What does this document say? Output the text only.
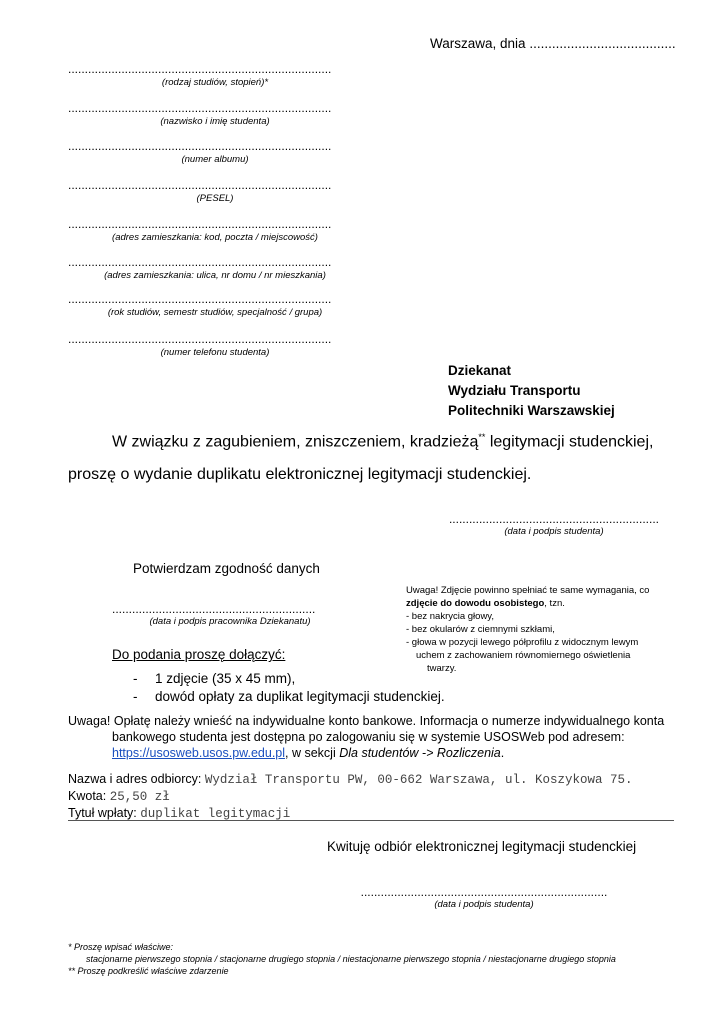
Warszawa, dnia .......................................
...............................................................................
(rodzaj studiów, stopień)*
...............................................................................
(nazwisko i imię studenta)
...............................................................................
(numer albumu)
...............................................................................
(PESEL)
...............................................................................
(adres zamieszkania: kod, poczta / miejscowość)
...............................................................................
(adres zamieszkania: ulica, nr domu / nr mieszkania)
...............................................................................
(rok studiów, semestr studiów, specjalność / grupa)
...............................................................................
(numer telefonu studenta)
Dziekanat
Wydziału Transportu
Politechniki Warszawskiej
W związku z zagubieniem, zniszczeniem, kradzieżą** legitymacji studenckiej,
proszę o wydanie duplikatu elektronicznej legitymacji studenckiej.
...............................................................
(data i podpis studenta)
Potwierdzam zgodność danych
.............................................................
(data i podpis pracownika Dziekanatu)
Uwaga! Zdjęcie powinno spełniać te same wymagania, co
zdjęcie do dowodu osobistego, tzn.
- bez nakrycia głowy,
- bez okularów z ciemnymi szkłami,
- głowa w pozycji lewego półprofilu z widocznym lewym
uchem z zachowaniem równomiernego oświetlenia
twarzy.
Do podania proszę dołączyć:
- 1 zdjęcie (35 x 45 mm),
- dowód opłaty za duplikat legitymacji studenckiej.
Uwaga! Opłatę należy wnieść na indywidualne konto bankowe. Informacja o numerze indywidualnego konta
bankowego studenta jest dostępna po zalogowaniu się w systemie USOSWeb pod adresem:
https://usosweb.usos.pw.edu.pl, w sekcji Dla studentów -> Rozliczenia.
Nazwa i adres odbiorcy: Wydział Transportu PW, 00-662 Warszawa, ul. Koszykowa 75.
Kwota: 25,50 zł
Tytuł wpłaty: duplikat legitymacji
Kwituję odbiór elektronicznej legitymacji studenckiej
..........................................................................
(data i podpis studenta)
* Proszę wpisać właściwe:
stacjonarne pierwszego stopnia / stacjonarne drugiego stopnia / niestacjonarne pierwszego stopnia / niestacjonarne drugiego stopnia
** Proszę podkreślić właściwe zdarzenie
